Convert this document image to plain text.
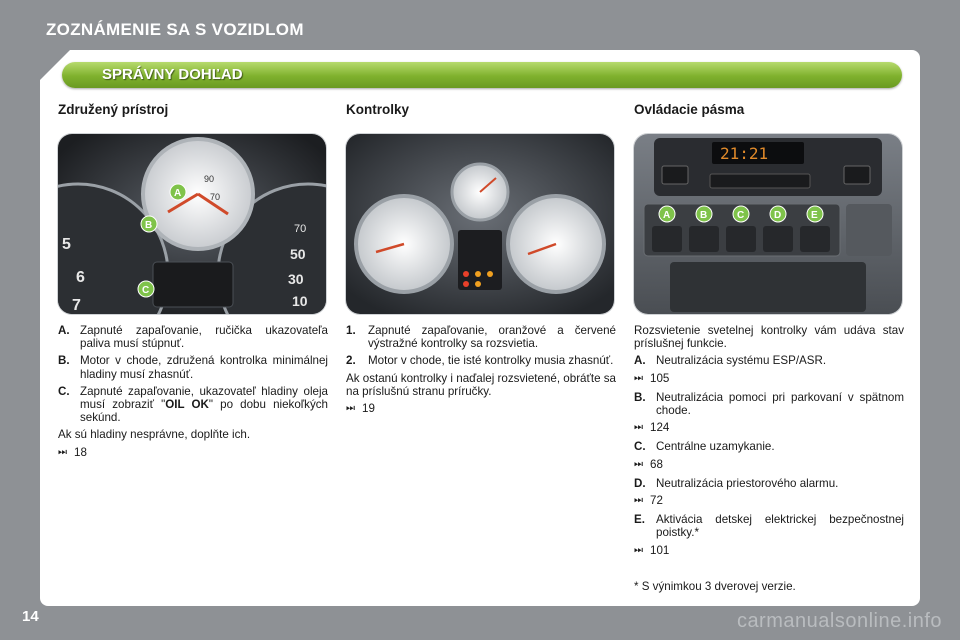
ZOZNÁMENIE SA S VOZIDLOM
SPRÁVNY DOHĽAD
Združený prístroj
5
6
7
70
50
30
10
90
70
A
B
C
A. Zapnuté zapaľovanie, ručička ukazovateľa paliva musí stúpnuť.
B. Motor v chode, združená kontrolka minimálnej hladiny musí zhasnúť.
C. Zapnuté zapaľovanie, ukazovateľ hladiny oleja musí zobraziť "OIL OK" po dobu niekoľkých sekúnd.
Ak sú hladiny nesprávne, doplňte ich.
⏭ 18
Kontrolky
1.	Zapnuté zapaľovanie, oranžové a červené výstražné kontrolky sa rozsvietia.
2.	Motor v chode, tie isté kontrolky musia zhasnúť.
Ak ostanú kontrolky i naďalej rozsvietené, obráťte sa na príslušnú stranu príručky.
⏭ 19
Ovládacie pásma
21:21
A	B	C	D	E
Rozsvietenie svetelnej kontrolky vám udáva stav príslušnej funkcie.
A. Neutralizácia systému ESP/ASR.
⏭ 105
B. Neutralizácia pomoci pri parkovaní v spätnom chode.
⏭ 124
C. Centrálne uzamykanie.
⏭ 68
D. Neutralizácia priestorového alarmu.
⏭ 72
E. Aktivácia detskej elektrickej bezpečnostnej poistky.*
⏭ 101
* S výnimkou 3 dverovej verzie.
14	carmanualsonline.info
